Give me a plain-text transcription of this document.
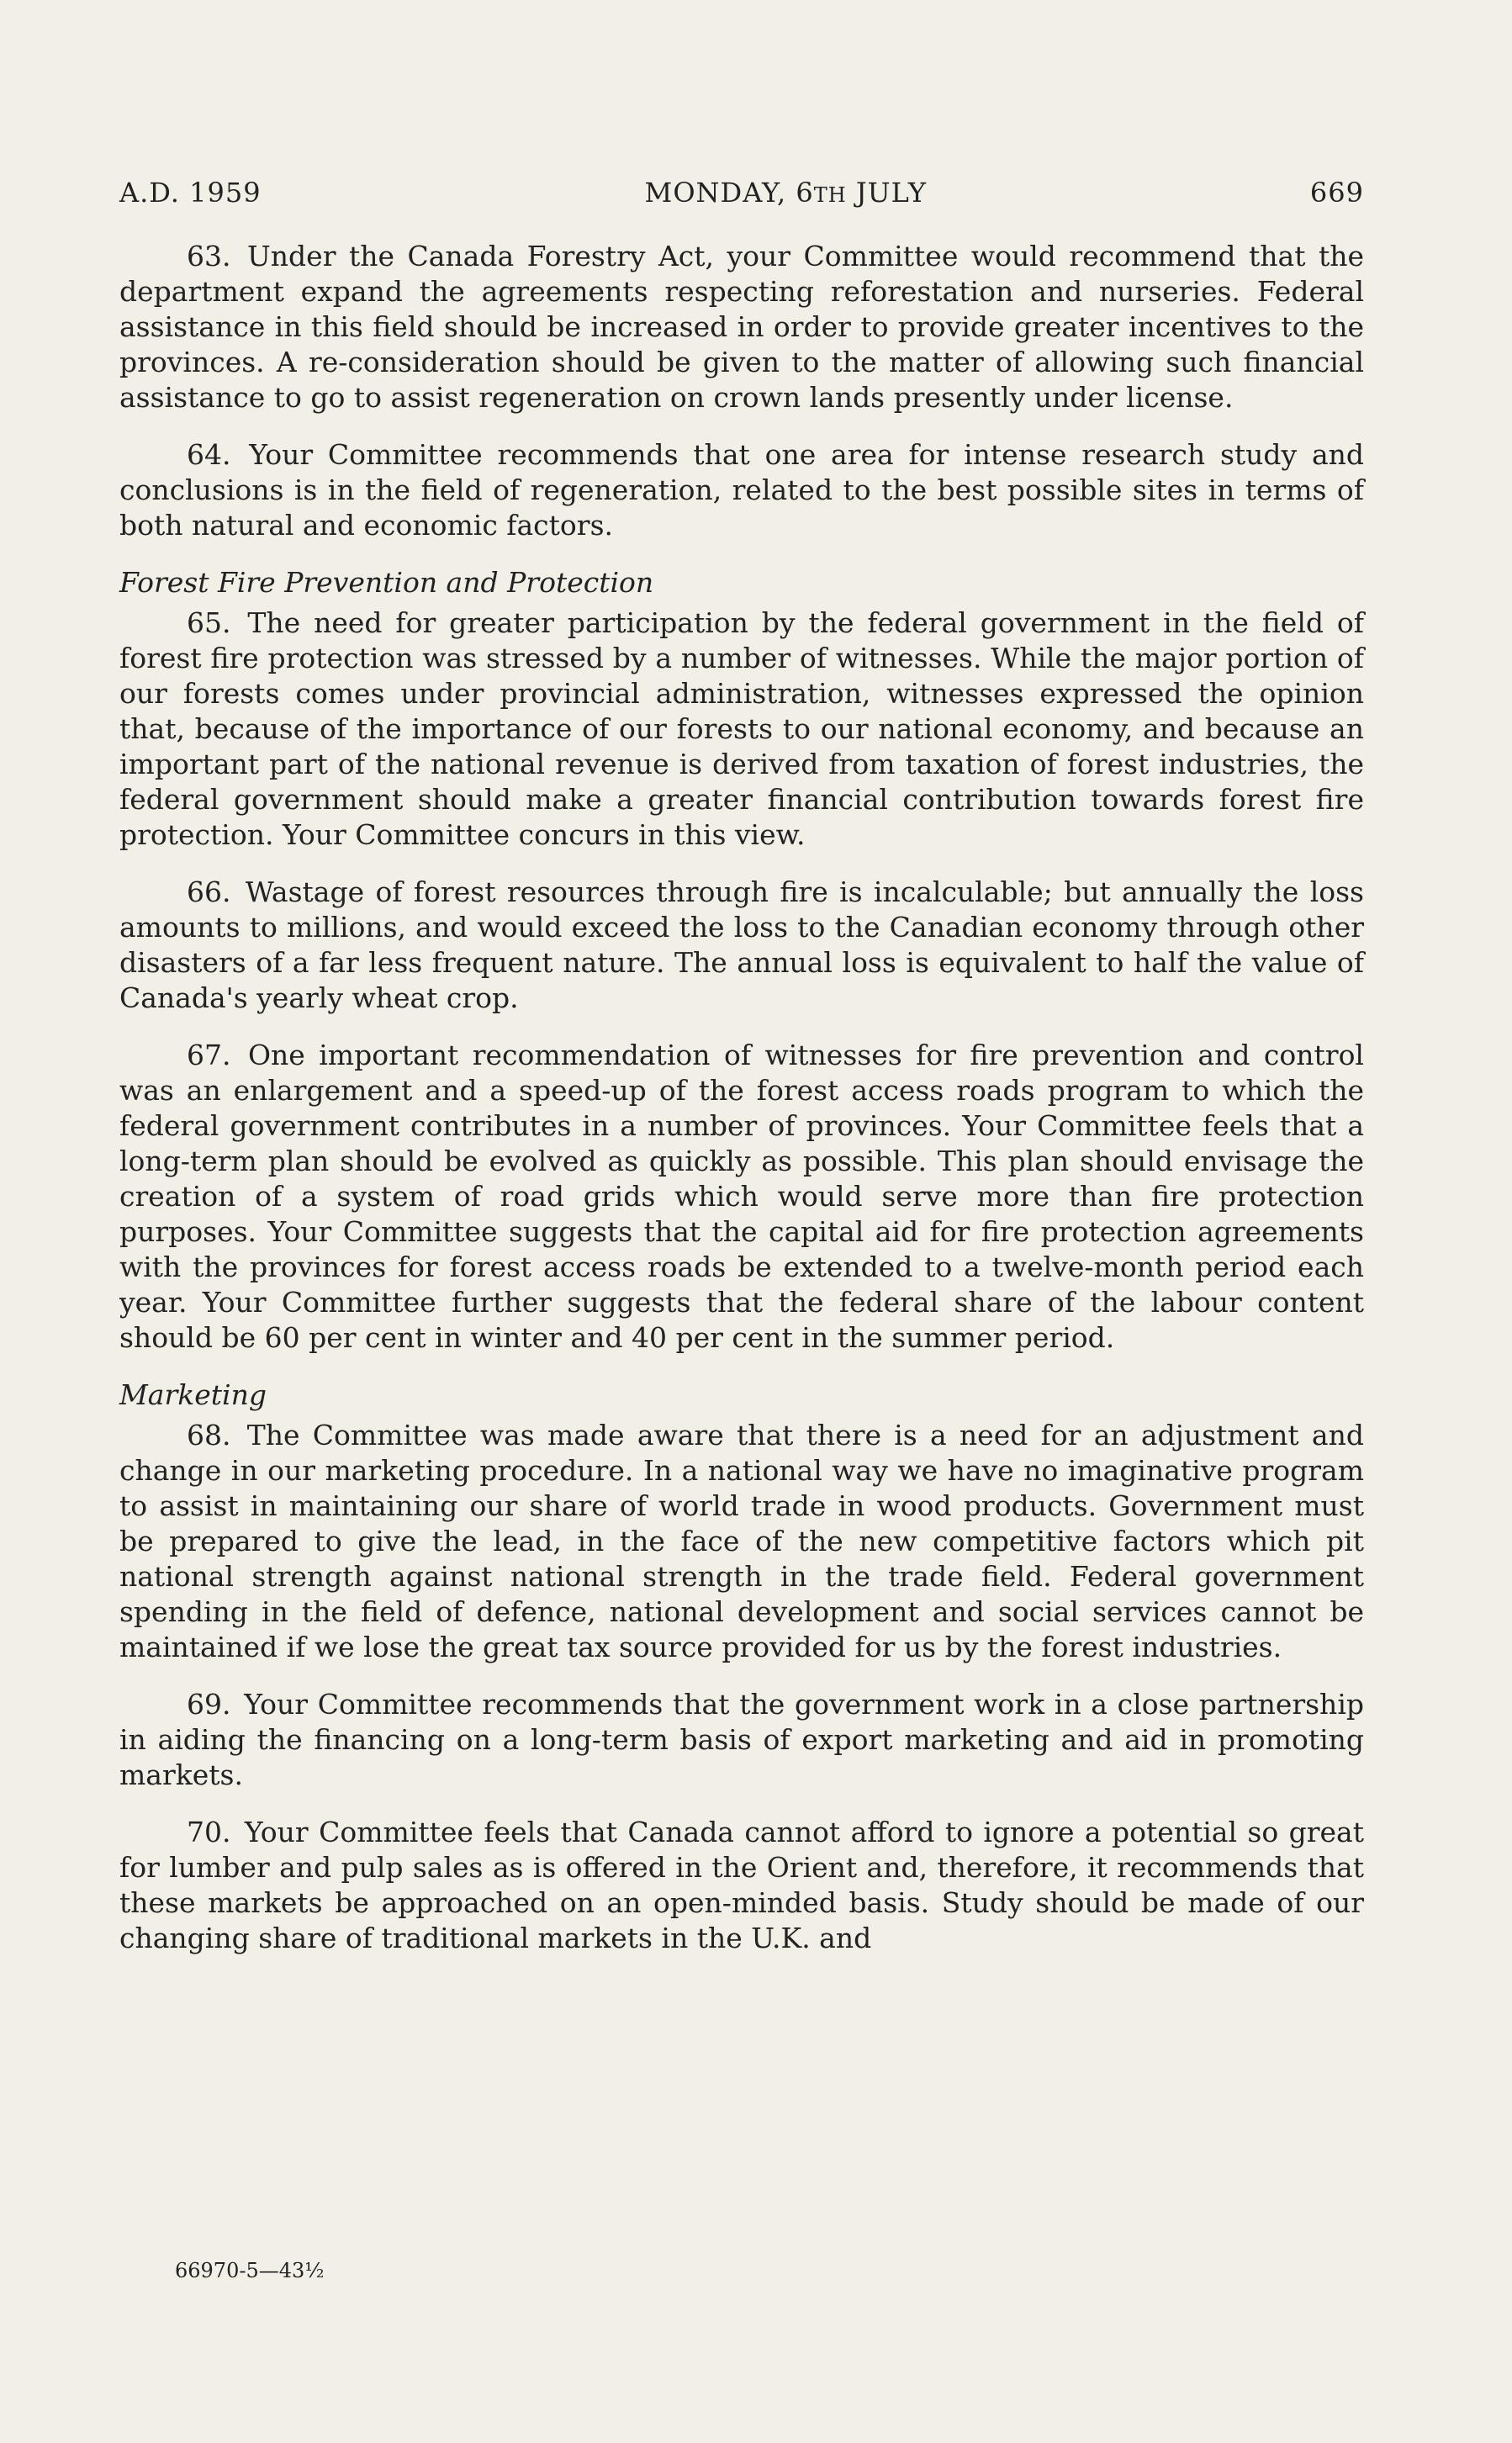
A.D. 1959	MONDAY, 6TH JULY	669

63. Under the Canada Forestry Act, your Committee would recommend that the department expand the agreements respecting reforestation and nurseries. Federal assistance in this field should be increased in order to provide greater incentives to the provinces. A re-consideration should be given to the matter of allowing such financial assistance to go to assist regeneration on crown lands presently under license.

64. Your Committee recommends that one area for intense research study and conclusions is in the field of regeneration, related to the best possible sites in terms of both natural and economic factors.

Forest Fire Prevention and Protection

65. The need for greater participation by the federal government in the field of forest fire protection was stressed by a number of witnesses. While the major portion of our forests comes under provincial administration, witnesses expressed the opinion that, because of the importance of our forests to our national economy, and because an important part of the national revenue is derived from taxation of forest industries, the federal government should make a greater financial contribution towards forest fire protection. Your Committee concurs in this view.

66. Wastage of forest resources through fire is incalculable; but annually the loss amounts to millions, and would exceed the loss to the Canadian economy through other disasters of a far less frequent nature. The annual loss is equivalent to half the value of Canada's yearly wheat crop.

67. One important recommendation of witnesses for fire prevention and control was an enlargement and a speed-up of the forest access roads program to which the federal government contributes in a number of provinces. Your Committee feels that a long-term plan should be evolved as quickly as possible. This plan should envisage the creation of a system of road grids which would serve more than fire protection purposes. Your Committee suggests that the capital aid for fire protection agreements with the provinces for forest access roads be extended to a twelve-month period each year. Your Committee further suggests that the federal share of the labour content should be 60 per cent in winter and 40 per cent in the summer period.

Marketing

68. The Committee was made aware that there is a need for an adjustment and change in our marketing procedure. In a national way we have no imaginative program to assist in maintaining our share of world trade in wood products. Government must be prepared to give the lead, in the face of the new competitive factors which pit national strength against national strength in the trade field. Federal government spending in the field of defence, national development and social services cannot be maintained if we lose the great tax source provided for us by the forest industries.

69. Your Committee recommends that the government work in a close partnership in aiding the financing on a long-term basis of export marketing and aid in promoting markets.

70. Your Committee feels that Canada cannot afford to ignore a potential so great for lumber and pulp sales as is offered in the Orient and, therefore, it recommends that these markets be approached on an open-minded basis. Study should be made of our changing share of traditional markets in the U.K. and

66970-5—43½
